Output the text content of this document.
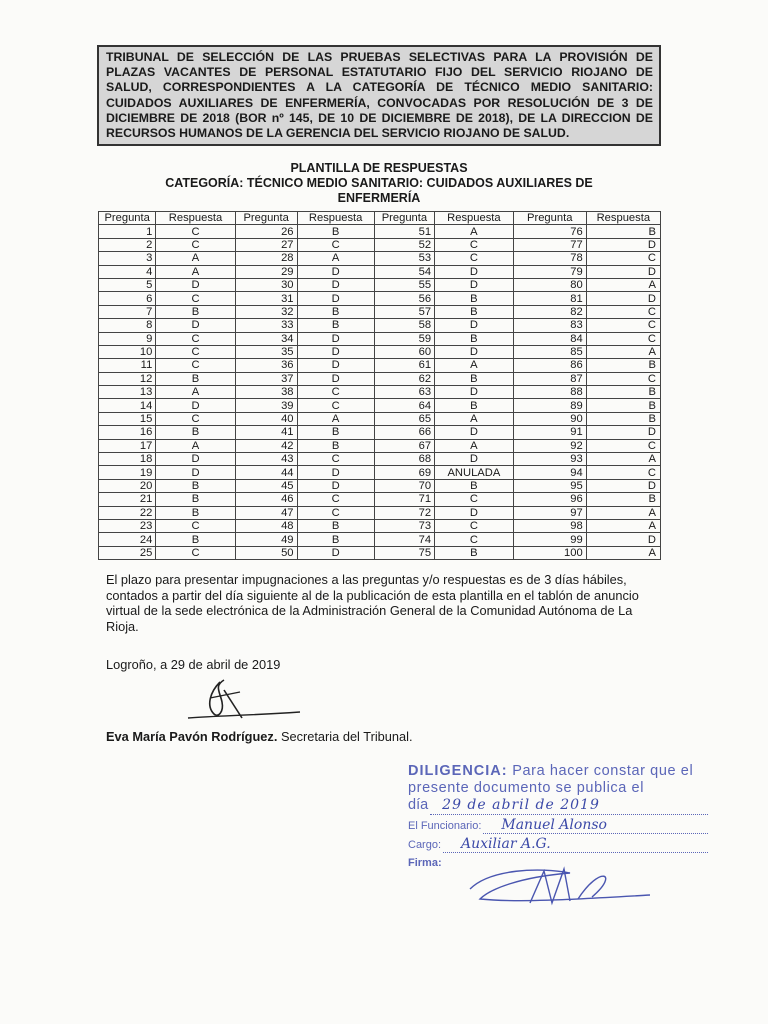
TRIBUNAL DE SELECCIÓN DE LAS PRUEBAS SELECTIVAS PARA LA PROVISIÓN DE PLAZAS VACANTES DE PERSONAL ESTATUTARIO FIJO DEL SERVICIO RIOJANO DE SALUD, CORRESPONDIENTES A LA CATEGORÍA DE TÉCNICO MEDIO SANITARIO: CUIDADOS AUXILIARES DE ENFERMERÍA, CONVOCADAS POR RESOLUCIÓN DE 3 DE DICIEMBRE DE 2018 (BOR nº 145, DE 10 DE DICIEMBRE DE 2018), DE LA DIRECCION DE RECURSOS HUMANOS DE LA GERENCIA DEL SERVICIO RIOJANO DE SALUD.
PLANTILLA DE RESPUESTAS
CATEGORÍA: TÉCNICO MEDIO SANITARIO: CUIDADOS AUXILIARES DE
ENFERMERÍA
Pregunta	Respuesta	Pregunta	Respuesta	Pregunta	Respuesta	Pregunta	Respuesta
1	C	26	B	51	A	76	B
2	C	27	C	52	C	77	D
3	A	28	A	53	C	78	C
4	A	29	D	54	D	79	D
5	D	30	D	55	D	80	A
6	C	31	D	56	B	81	D
7	B	32	B	57	B	82	C
8	D	33	B	58	D	83	C
9	C	34	D	59	B	84	C
10	C	35	D	60	D	85	A
11	C	36	D	61	A	86	B
12	B	37	D	62	B	87	C
13	A	38	C	63	D	88	B
14	D	39	C	64	B	89	B
15	C	40	A	65	A	90	B
16	B	41	B	66	D	91	D
17	A	42	B	67	A	92	C
18	D	43	C	68	D	93	A
19	D	44	D	69	ANULADA	94	C
20	B	45	D	70	B	95	D
21	B	46	C	71	C	96	B
22	B	47	C	72	D	97	A
23	C	48	B	73	C	98	A
24	B	49	B	74	C	99	D
25	C	50	D	75	B	100	A
El plazo para presentar impugnaciones a las preguntas y/o respuestas es de 3 días hábiles, contados a partir del día siguiente al de la publicación de esta plantilla en el tablón de anuncio virtual de la sede electrónica de la Administración General de la Comunidad Autónoma de La Rioja.
Logroño, a 29 de abril de 2019
Eva María Pavón Rodríguez. Secretaria del Tribunal.
DILIGENCIA: Para hacer constar que el presente documento se publica el
día	29 de abril de 2019
El Funcionario:	Manuel Alonso
Cargo:	Auxiliar A.G.
Firma:
